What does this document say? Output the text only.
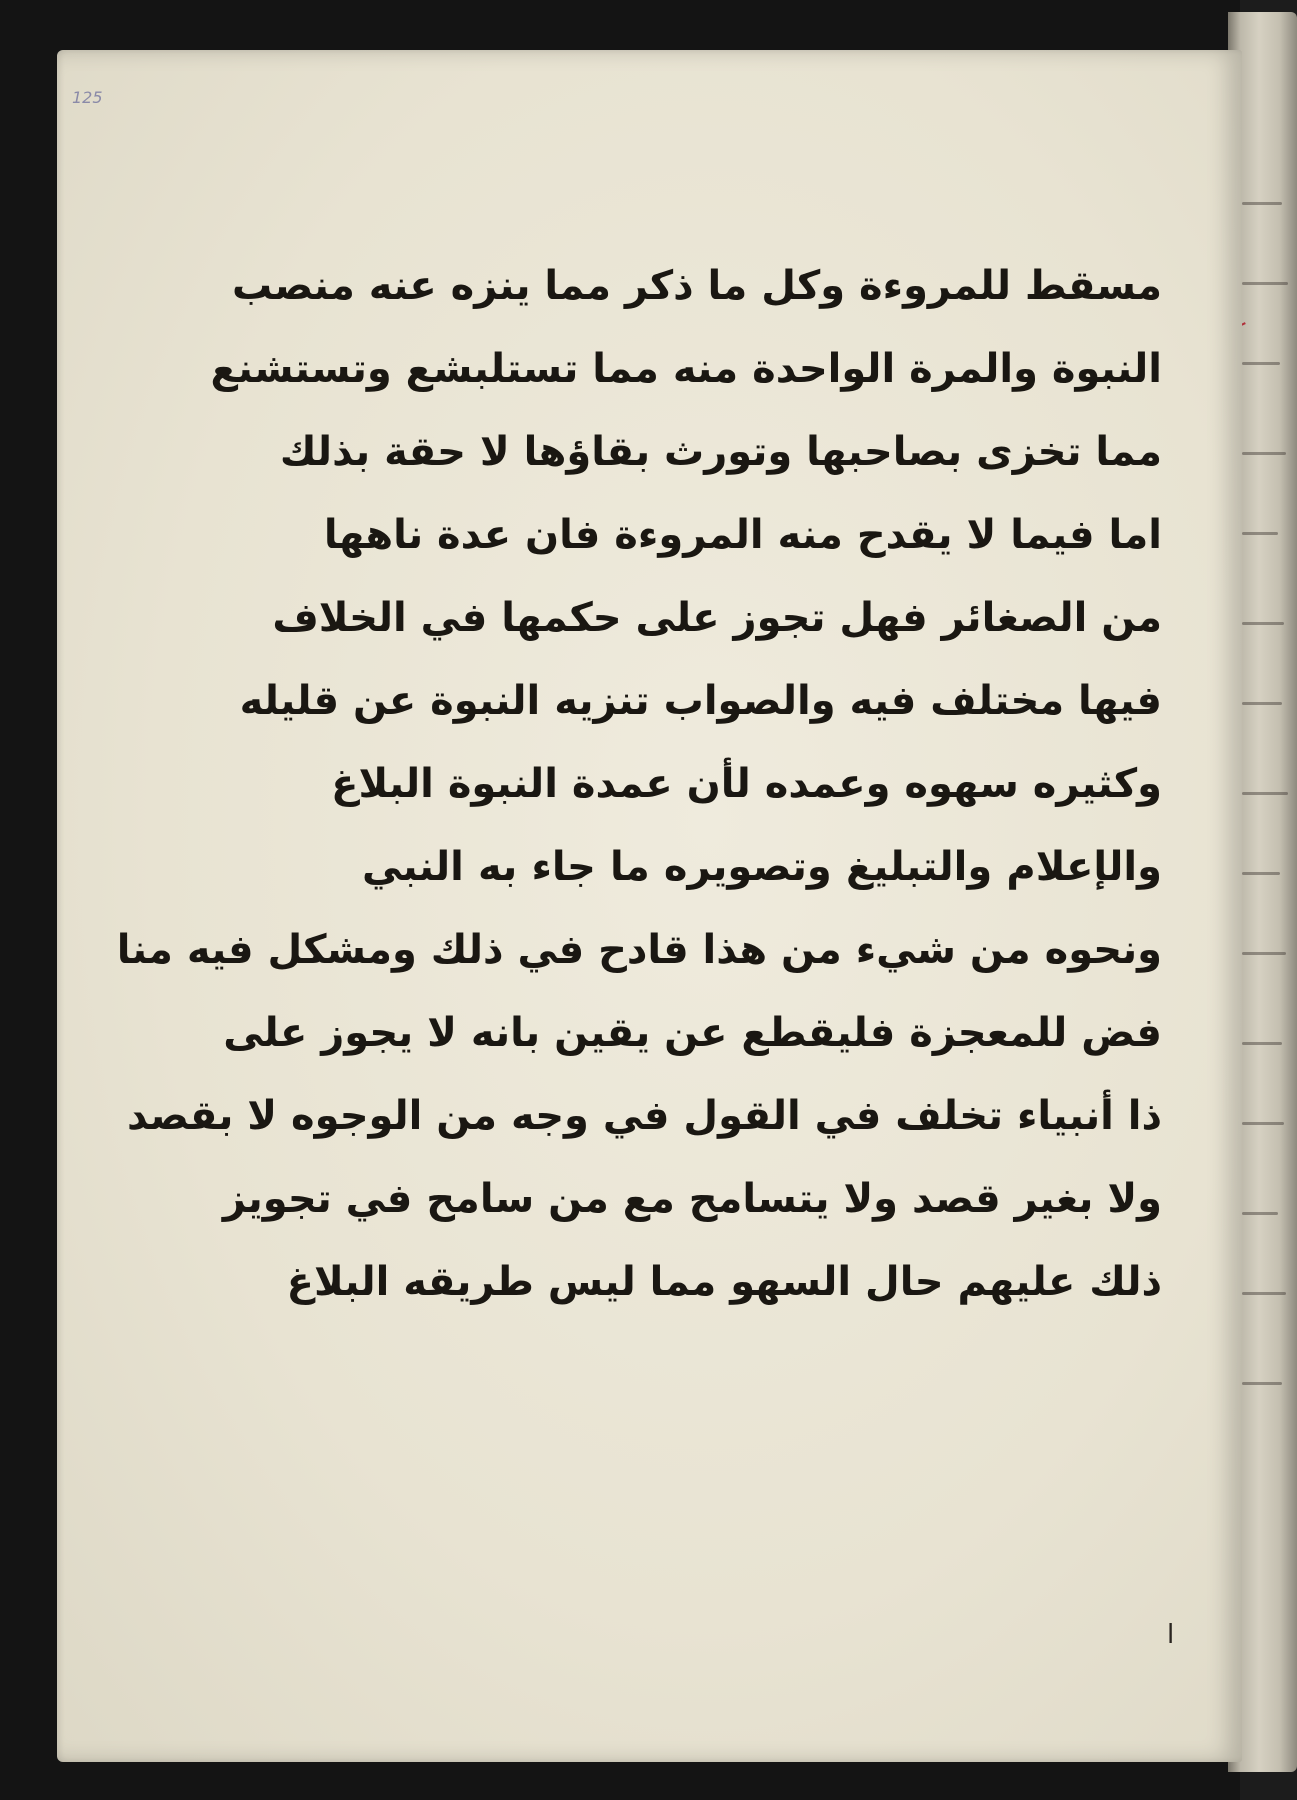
125
مسقط للمروءة وكل ما ذكر مما ينزه عنه منصب
النبوة والمرة الواحدة منه مما تستلبشع وتستشنع
مما تخزى بصاحبها وتورث بقاؤها لا حقة بذلك
اما فيما لا يقدح منه المروءة فان عدة ناهها
من الصغائر فهل تجوز على حكمها في الخلاف
فيها مختلف فيه والصواب تنزيه النبوة عن قليله
وكثيره سهوه وعمده لأن عمدة النبوة البلاغ
والإعلام والتبليغ وتصويره ما جاء به النبي
ونحوه من شيء من هذا قادح في ذلك ومشكل فيه منا
فض للمعجزة فليقطع عن يقين بانه لا يجوز على
ذا أنبياء تخلف في القول في وجه من الوجوه لا بقصد
ولا بغير قصد ولا يتسامح مع من سامح في تجويز
ذلك عليهم حال السهو مما ليس طريقه البلاغ
ا
